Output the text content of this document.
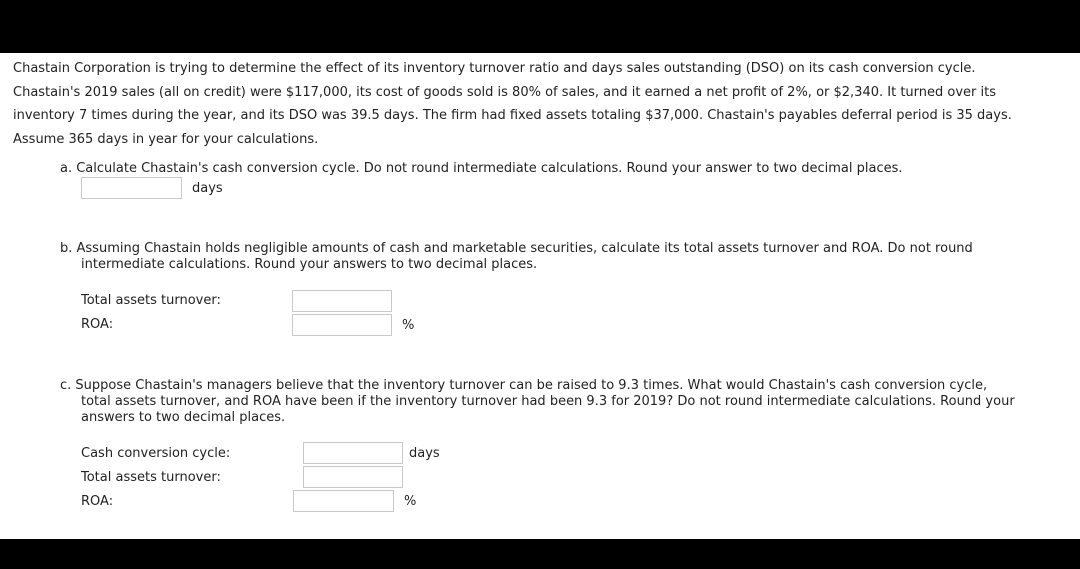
Chastain Corporation is trying to determine the effect of its inventory turnover ratio and days sales outstanding (DSO) on its cash conversion cycle.
Chastain's 2019 sales (all on credit) were $117,000, its cost of goods sold is 80% of sales, and it earned a net profit of 2%, or $2,340. It turned over its
inventory 7 times during the year, and its DSO was 39.5 days. The firm had fixed assets totaling $37,000. Chastain's payables deferral period is 35 days.
Assume 365 days in year for your calculations.
a. Calculate Chastain's cash conversion cycle. Do not round intermediate calculations. Round your answer to two decimal places.
days
b. Assuming Chastain holds negligible amounts of cash and marketable securities, calculate its total assets turnover and ROA. Do not round
intermediate calculations. Round your answers to two decimal places.
Total assets turnover:
ROA:	%
c. Suppose Chastain's managers believe that the inventory turnover can be raised to 9.3 times. What would Chastain's cash conversion cycle,
total assets turnover, and ROA have been if the inventory turnover had been 9.3 for 2019? Do not round intermediate calculations. Round your
answers to two decimal places.
Cash conversion cycle:	days
Total assets turnover:
ROA:	%
